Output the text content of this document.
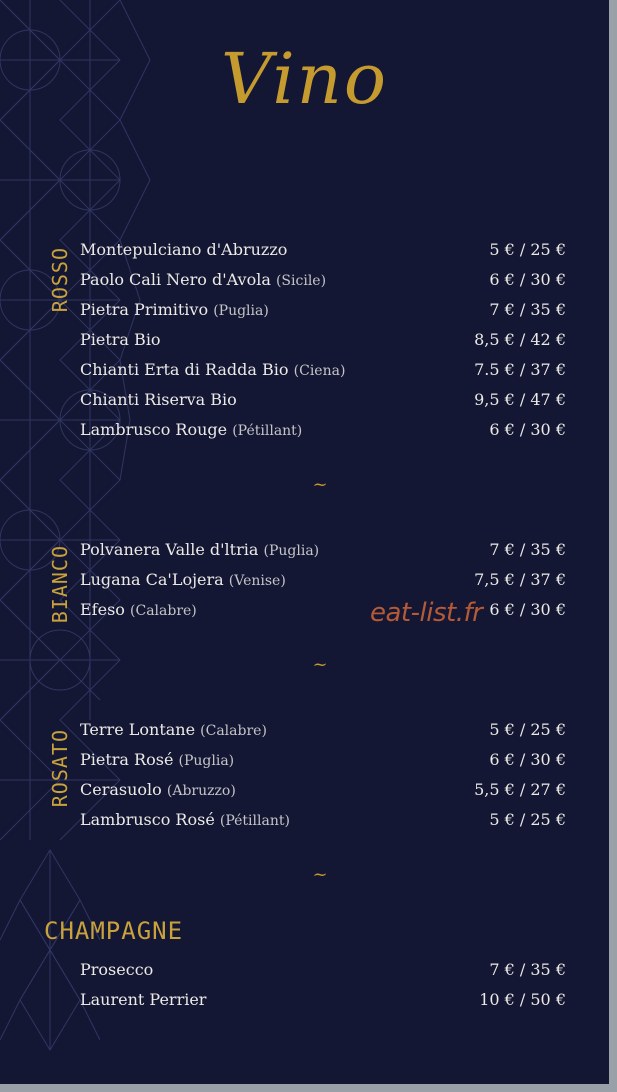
Vino
ROSSO Montepulciano d'Abruzzo	5 € / 25 €
Paolo Cali Nero d'Avola (Sicile)	6 € / 30 €
Pietra Primitivo (Puglia)	7 € / 35 €
Pietra Bio	8,5 € / 42 €
Chianti Erta di Radda Bio (Ciena)	7.5 € / 37 €
Chianti Riserva Bio	9,5 € / 47 €
Lambrusco Rouge (Pétillant)	6 € / 30 €
~
BIANCO Polvanera Valle d'ltria (Puglia)	7 € / 35 €
Lugana Ca'Lojera (Venise)	7,5 € / 37 €
Efeso (Calabre)	6 € / 30 €
eat-list.fr
~
ROSATO Terre Lontane (Calabre)	5 € / 25 €
Pietra Rosé (Puglia)	6 € / 30 €
Cerasuolo (Abruzzo)	5,5 € / 27 €
Lambrusco Rosé (Pétillant)	5 € / 25 €
~
CHAMPAGNE
Prosecco	7 € / 35 €
Laurent Perrier	10 € / 50 €
